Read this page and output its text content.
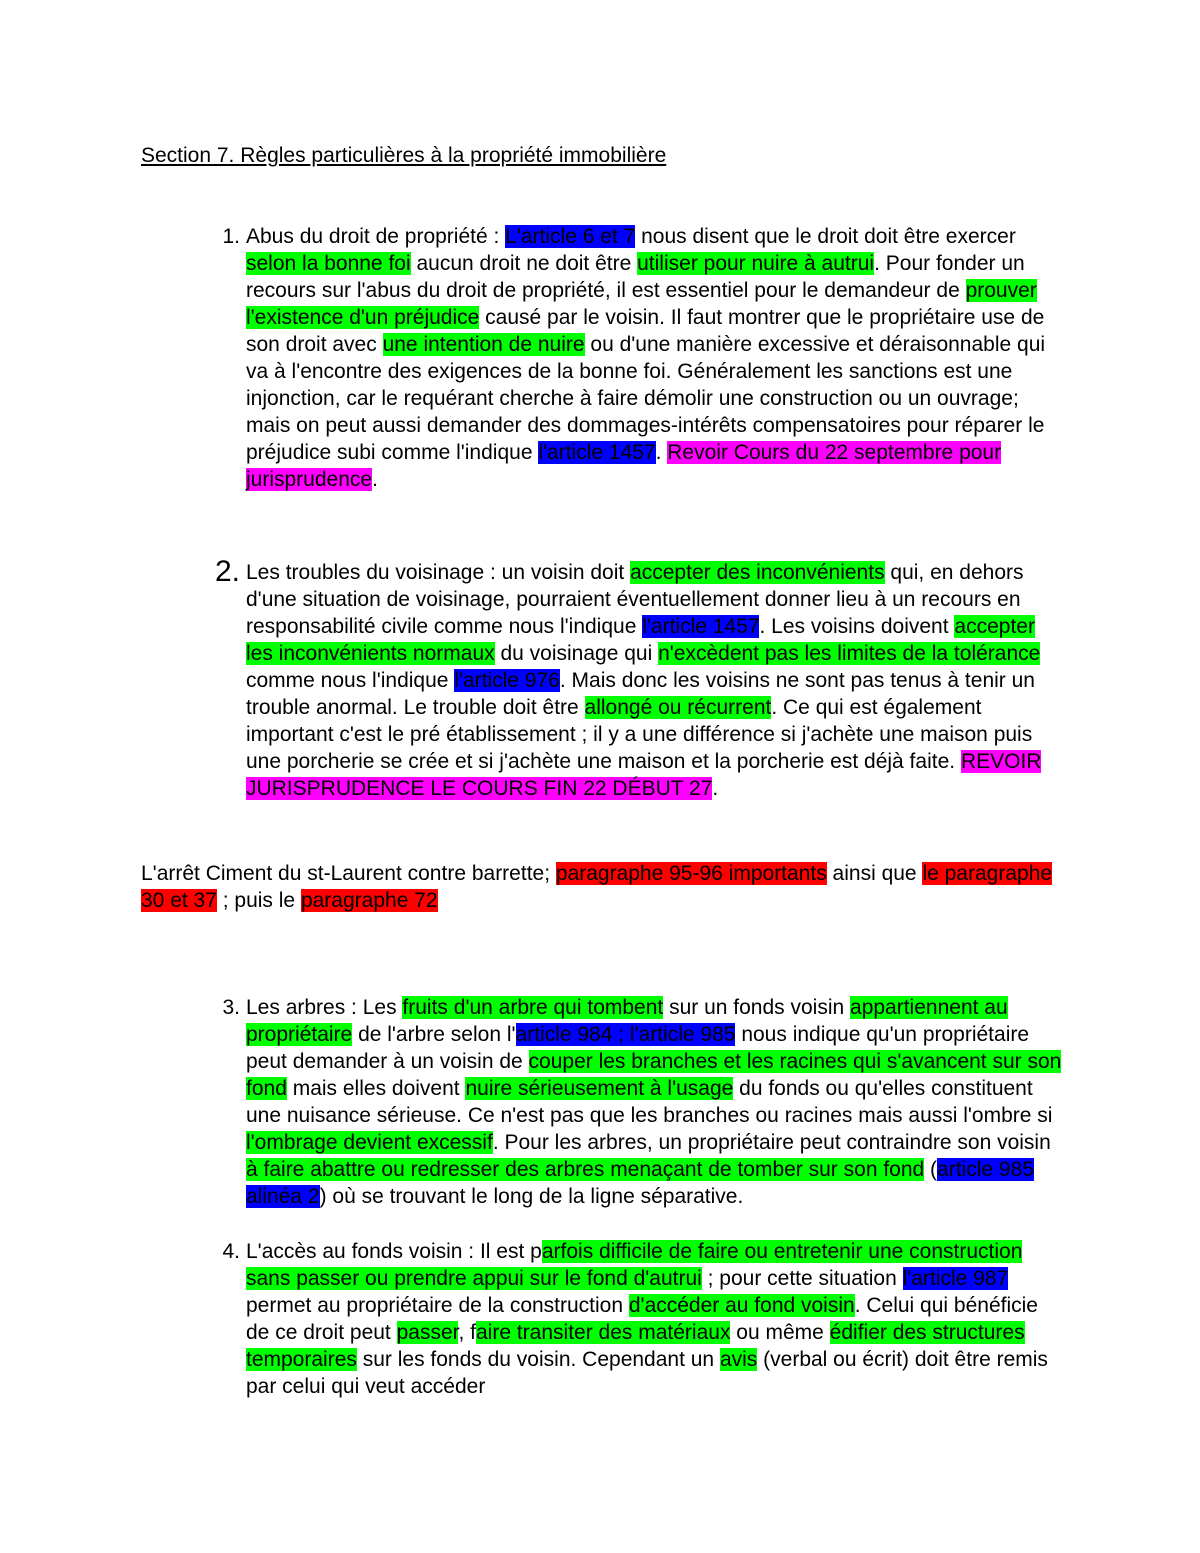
Section 7. Règles particulières à la propriété immobilière
1. Abus du droit de propriété : L'article 6 et 7 nous disent que le droit doit être exercer selon la bonne foi aucun droit ne doit être utiliser pour nuire à autrui. Pour fonder un recours sur l'abus du droit de propriété, il est essentiel pour le demandeur de prouver l'existence d'un préjudice causé par le voisin. Il faut montrer que le propriétaire use de son droit avec une intention de nuire ou d'une manière excessive et déraisonnable qui va à l'encontre des exigences de la bonne foi. Généralement les sanctions est une injonction, car le requérant cherche à faire démolir une construction ou un ouvrage; mais on peut aussi demander des dommages-intérêts compensatoires pour réparer le préjudice subi comme l'indique l'article 1457. Revoir Cours du 22 septembre pour jurisprudence.
2. Les troubles du voisinage : un voisin doit accepter des inconvénients qui, en dehors d'une situation de voisinage, pourraient éventuellement donner lieu à un recours en responsabilité civile comme nous l'indique l'article 1457. Les voisins doivent accepter les inconvénients normaux du voisinage qui n'excèdent pas les limites de la tolérance comme nous l'indique l'article 976. Mais donc les voisins ne sont pas tenus à tenir un trouble anormal. Le trouble doit être allongé ou récurrent. Ce qui est également important c'est le pré établissement ; il y a une différence si j'achète une maison puis une porcherie se crée et si j'achète une maison et la porcherie est déjà faite. REVOIR JURISPRUDENCE LE COURS FIN 22 DÉBUT 27.

L'arrêt Ciment du st-Laurent contre barrette; paragraphe 95-96 importants ainsi que le paragraphe 30 et 37 ; puis le paragraphe 72

3. Les arbres : Les fruits d'un arbre qui tombent sur un fonds voisin appartiennent au propriétaire de l'arbre selon l'article 984 ; l'article 985 nous indique qu'un propriétaire peut demander à un voisin de couper les branches et les racines qui s'avancent sur son fond mais elles doivent nuire sérieusement à l'usage du fonds ou qu'elles constituent une nuisance sérieuse. Ce n'est pas que les branches ou racines mais aussi l'ombre si l'ombrage devient excessif. Pour les arbres, un propriétaire peut contraindre son voisin à faire abattre ou redresser des arbres menaçant de tomber sur son fond (article 985 alinéa 2) où se trouvant le long de la ligne séparative.
4. L'accès au fonds voisin : Il est parfois difficile de faire ou entretenir une construction sans passer ou prendre appui sur le fond d'autrui ; pour cette situation l'article 987 permet au propriétaire de la construction d'accéder au fond voisin. Celui qui bénéficie de ce droit peut passer, faire transiter des matériaux ou même édifier des structures temporaires sur les fonds du voisin. Cependant un avis (verbal ou écrit) doit être remis par celui qui veut accéder
